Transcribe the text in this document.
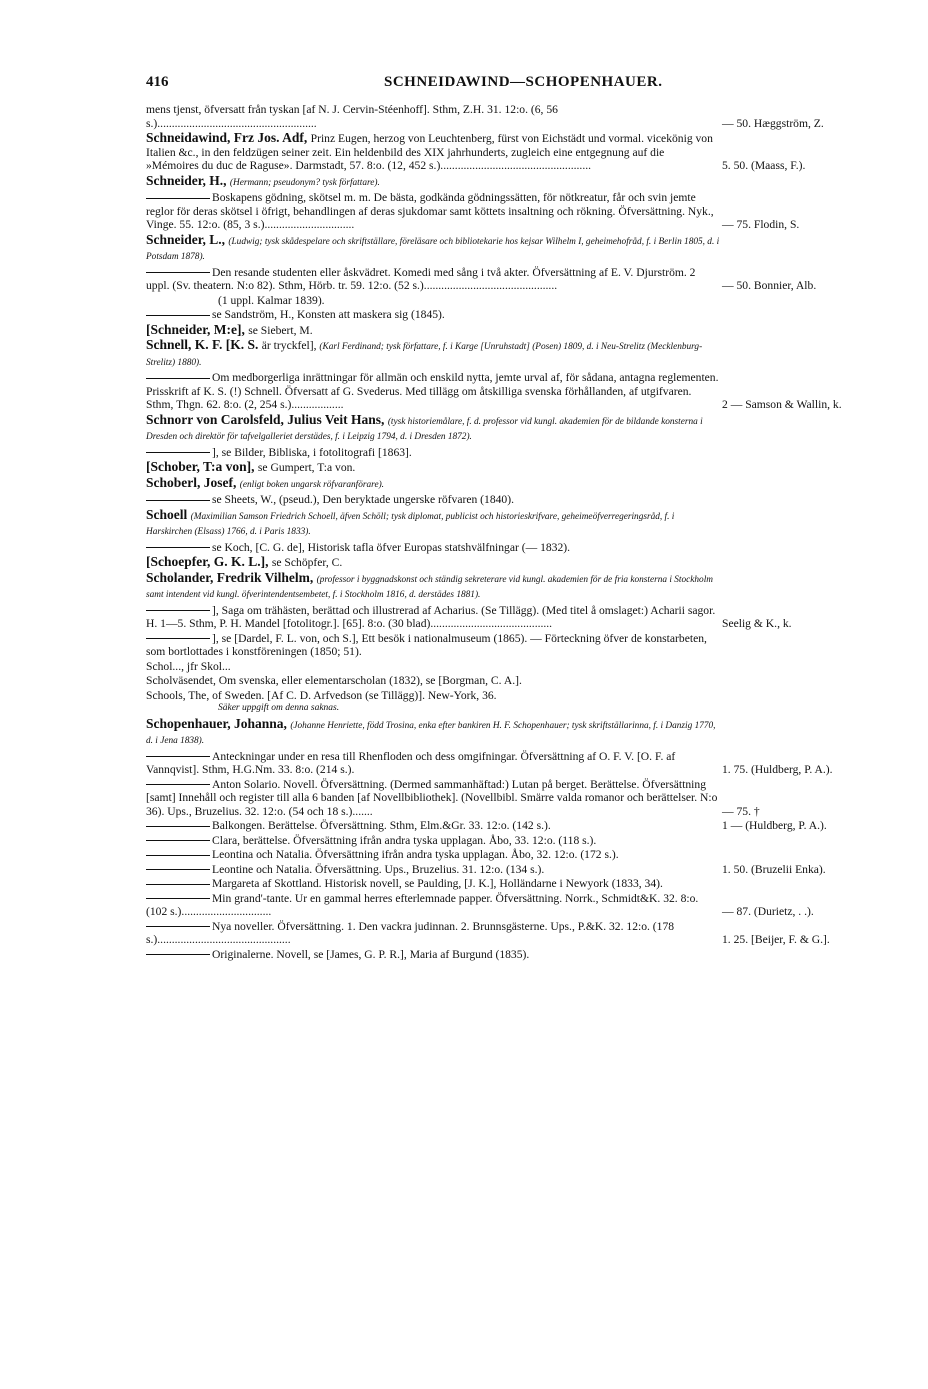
416	SCHNEIDAWIND—SCHOPENHAUER.
mens tjenst, öfversatt från tyskan [af N. J. Cervin-Stéenhoff]. Sthm, Z.H. 31. 12:o. (6, 56 s.).......................................................	— 50. Hæggström, Z.
Schneidawind, Frz Jos. Adf, Prinz Eugen, herzog von Leuchtenberg, fürst von Eichstädt und vormal. vicekönig von Italien &c., in den feldzügen seiner zeit. Ein heldenbild des XIX jahrhunderts, zugleich eine entgegnung auf die »Mémoires du duc de Raguse». Darmstadt, 57. 8:o. (12, 452 s.)....................................................	5. 50. (Maass, F.).
Schneider, H., (Hermann; pseudonym? tysk författare).
Boskapens gödning, skötsel m. m. De bästa, godkända gödningssätten, för nötkreatur, får och svin jemte reglor för deras skötsel i öfrigt, behandlingen af deras sjukdomar samt köttets insaltning och rökning. Öfversättning. Nyk., Vinge. 55. 12:o. (85, 3 s.)...............................	— 75. Flodin, S.
Schneider, L., (Ludwig; tysk skådespelare och skriftställare, föreläsare och bibliotekarie hos kejsar Wilhelm I, geheimehofråd, f. i Berlin 1805, d. i Potsdam 1878).
Den resande studenten eller åskvädret. Komedi med sång i två akter. Öfversättning af E. V. Djurström. 2 uppl. (Sv. theatern. N:o 82). Sthm, Hörb. tr. 59. 12:o. (52 s.)..............................................	— 50. Bonnier, Alb.
(1 uppl. Kalmar 1839).
se Sandström, H., Konsten att maskera sig (1845).
[Schneider, M:e], se Siebert, M.
Schnell, K. F. [K. S. är tryckfel], (Karl Ferdinand; tysk författare, f. i Karge [Unruhstadt] (Posen) 1809, d. i Neu-Strelitz (Mecklenburg-Strelitz) 1880).
Om medborgerliga inrättningar för allmän och enskild nytta, jemte urval af, för sådana, antagna reglementen. Prisskrift af K. S. (!) Schnell. Öfversatt af G. Svederus. Med tillägg om åtskilliga svenska förhållanden, af utgifvaren. Sthm, Thgn. 62. 8:o. (2, 254 s.)..................	2 — Samson & Wallin, k.
Schnorr von Carolsfeld, Julius Veit Hans, (tysk historiemålare, f. d. professor vid kungl. akademien för de bildande konsterna i Dresden och direktör för tafvelgalleriet derstädes, f. i Leipzig 1794, d. i Dresden 1872).
], se Bilder, Bibliska, i fotolitografi [1863].
[Schober, T:a von], se Gumpert, T:a von.
Schoberl, Josef, (enligt boken ungarsk röfvaranförare).
se Sheets, W., (pseud.), Den beryktade ungerske röfvaren (1840).
Schoell (Maximilian Samson Friedrich Schoell, äfven Schöll; tysk diplomat, publicist och historieskrifvare, geheimeöfverregeringsråd, f. i Harskirchen (Elsass) 1766, d. i Paris 1833).
se Koch, [C. G. de], Historisk tafla öfver Europas statshvälfningar (— 1832).
[Schoepfer, G. K. L.], se Schöpfer, C.
Scholander, Fredrik Vilhelm, (professor i byggnadskonst och ständig sekreterare vid kungl. akademien för de fria konsterna i Stockholm samt intendent vid kungl. öfverintendentsembetet, f. i Stockholm 1816, d. derstädes 1881).
], Saga om trähästen, berättad och illustrerad af Acharius. (Se Tillägg). (Med titel å omslaget:) Acharii sagor. H. 1—5. Sthm, P. H. Mandel [fotolitogr.]. [65]. 8:o. (30 blad)..........................................	Seelig & K., k.
], se [Dardel, F. L. von, och S.], Ett besök i nationalmuseum (1865). — Förteckning öfver de konstarbeten, som bortlottades i konstföreningen (1850; 51).
Schol..., jfr Skol...
Scholväsendet, Om svenska, eller elementarscholan (1832), se [Borgman, C. A.].
Schools, The, of Sweden. [Af C. D. Arfvedson (se Tillägg)]. New-York, 36.
Säker uppgift om denna saknas.
Schopenhauer, Johanna, (Johanne Henriette, född Trosina, enka efter bankiren H. F. Schopenhauer; tysk skriftställarinna, f. i Danzig 1770, d. i Jena 1838).
Anteckningar under en resa till Rhenfloden och dess omgifningar. Öfversättning af O. F. V. [O. F. af Vannqvist]. Sthm, H.G.Nm. 33. 8:o. (214 s.).	1. 75. (Huldberg, P. A.).
Anton Solario. Novell. Öfversättning. (Dermed sammanhäftad:) Lutan på berget. Berättelse. Öfversättning [samt] Innehåll och register till alla 6 banden [af Novellbibliothek]. (Novellbibl. Smärre valda romanor och berättelser. N:o 36). Ups., Bruzelius. 32. 12:o. (54 och 18 s.).......	— 75. †
Balkongen. Berättelse. Öfversättning. Sthm, Elm.&Gr. 33. 12:o. (142 s.).	1 — (Huldberg, P. A.).
Clara, berättelse. Öfversättning ifrån andra tyska upplagan. Åbo, 33. 12:o. (118 s.).
Leontina och Natalia. Öfversättning ifrån andra tyska upplagan. Åbo, 32. 12:o. (172 s.).
Leontine och Natalia. Öfversättning. Ups., Bruzelius. 31. 12:o. (134 s.).	1. 50. (Bruzelii Enka).
Margareta af Skottland. Historisk novell, se Paulding, [J. K.], Holländarne i Newyork (1833, 34).
Min grand'-tante. Ur en gammal herres efterlemnade papper. Öfversättning. Norrk., Schmidt&K. 32. 8:o. (102 s.)...............................	— 87. (Durietz, . .).
Nya noveller. Öfversättning. 1. Den vackra judinnan. 2. Brunnsgästerne. Ups., P.&K. 32. 12:o. (178 s.)..............................................	1. 25. [Beijer, F. & G.].
Originalerne. Novell, se [James, G. P. R.], Maria af Burgund (1835).
